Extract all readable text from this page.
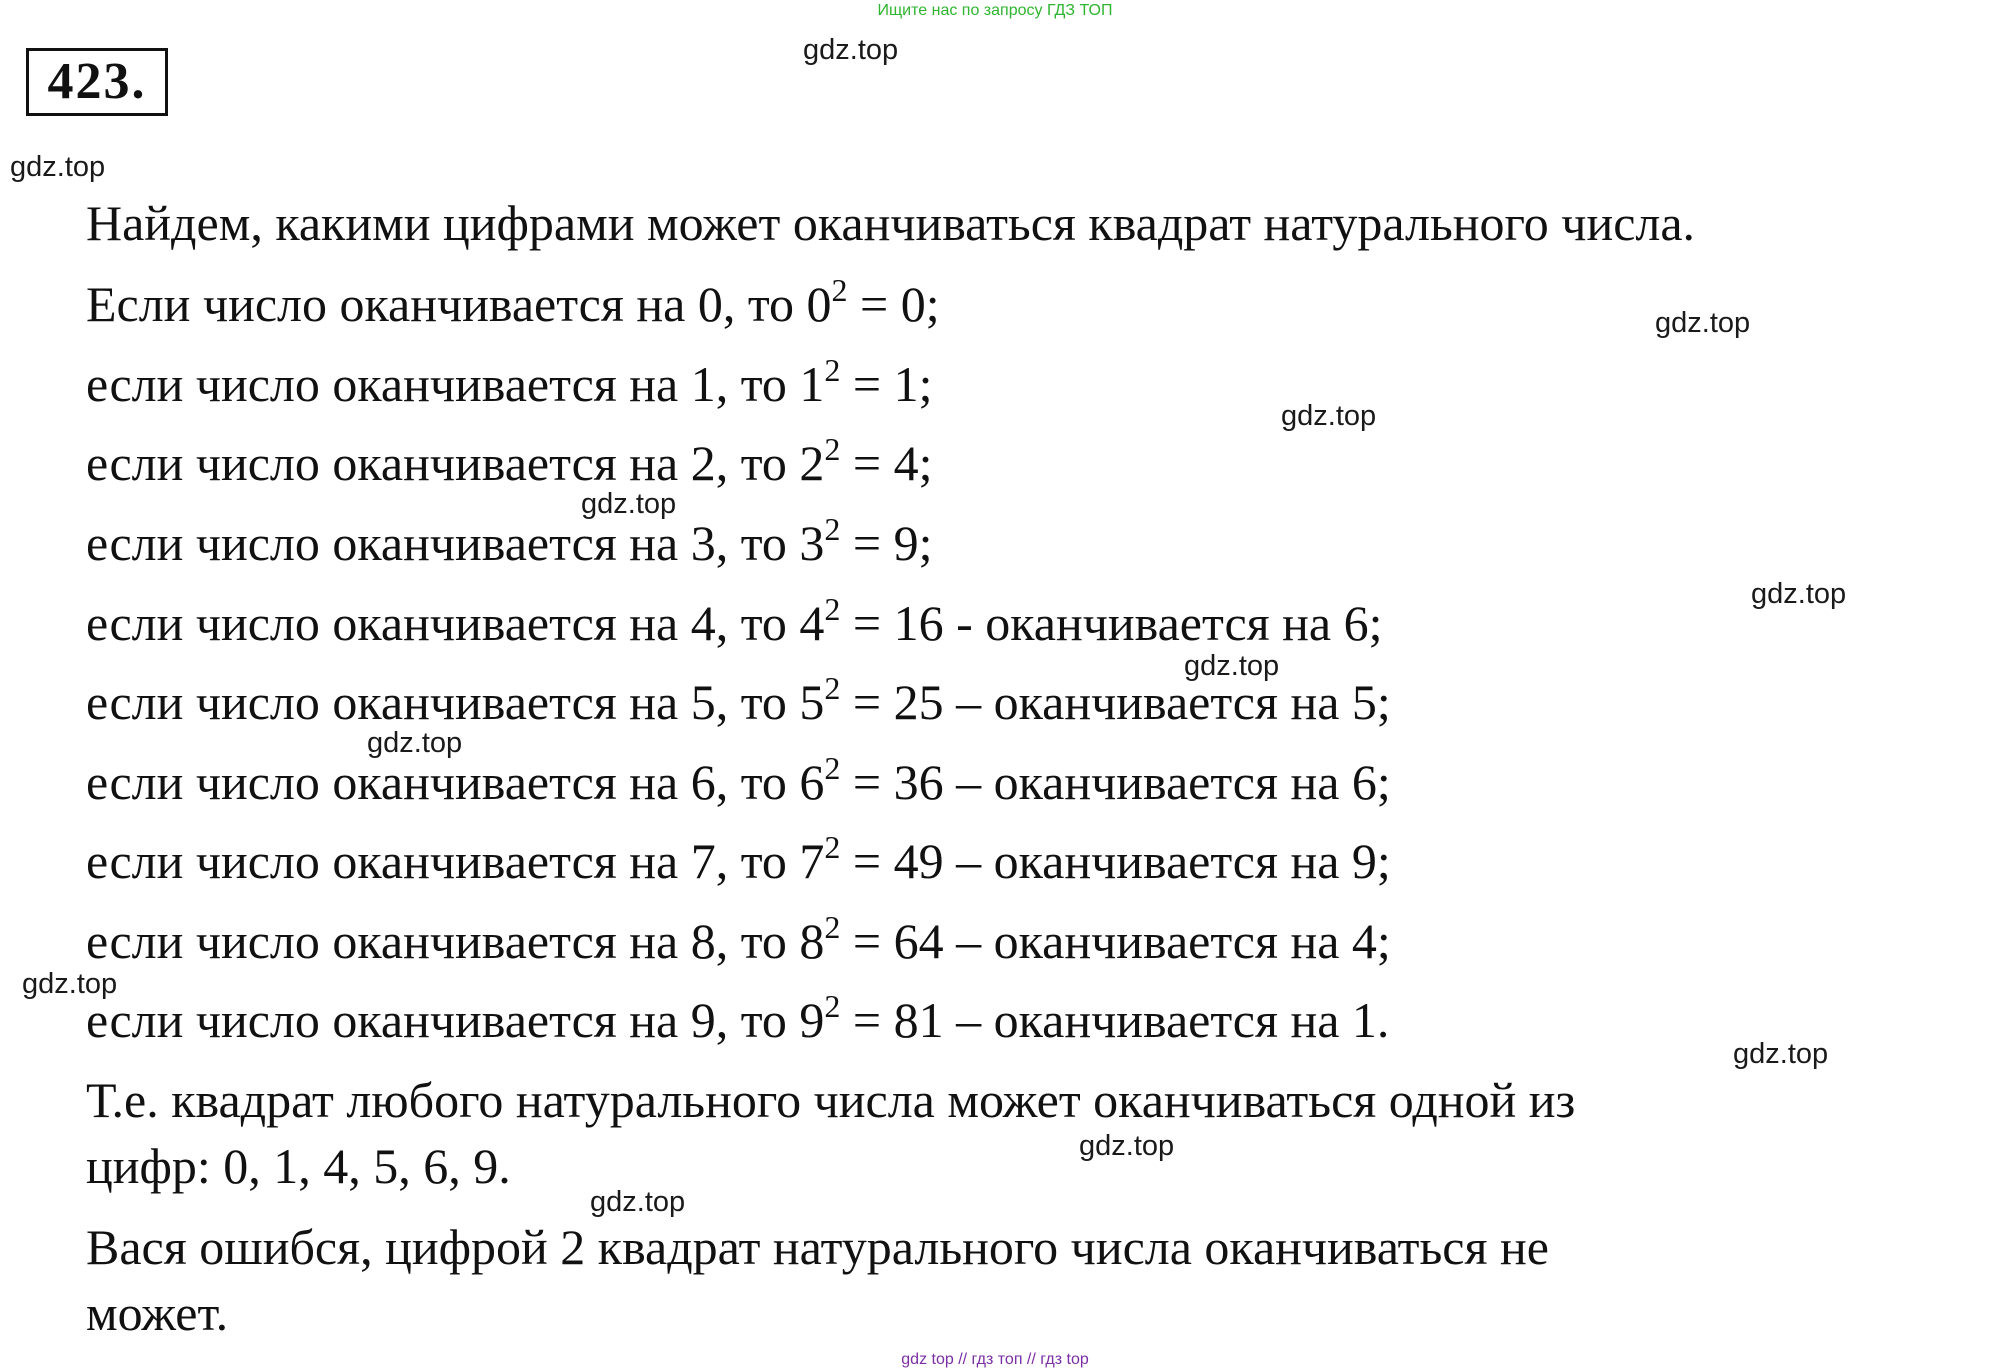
Ищите нас по запросу ГДЗ ТОП
423.
gdz.top
gdz.top
gdz.top
gdz.top
gdz.top
gdz.top
gdz.top
gdz.top
gdz.top
gdz.top
gdz.top
gdz.top
Найдем, какими цифрами может оканчиваться квадрат натурального числа.
Если число оканчивается на 0, то $0^2 = 0$;
если число оканчивается на 1, то $1^2 = 1$;
если число оканчивается на 2, то $2^2 = 4$;
если число оканчивается на 3, то $3^2 = 9$;
если число оканчивается на 4, то $4^2 = 16$ - оканчивается на 6;
если число оканчивается на 5, то $5^2 = 25$ – оканчивается на 5;
если число оканчивается на 6, то $6^2 = 36$ – оканчивается на 6;
если число оканчивается на 7, то $7^2 = 49$ – оканчивается на 9;
если число оканчивается на 8, то $8^2 = 64$ – оканчивается на 4;
если число оканчивается на 9, то $9^2 = 81$ – оканчивается на 1.
Т.е. квадрат любого натурального числа может оканчиваться одной из
цифр: 0, 1, 4, 5, 6, 9.
Вася ошибся, цифрой 2 квадрат натурального числа оканчиваться не
может.
gdz top // гдз топ // гдз top
